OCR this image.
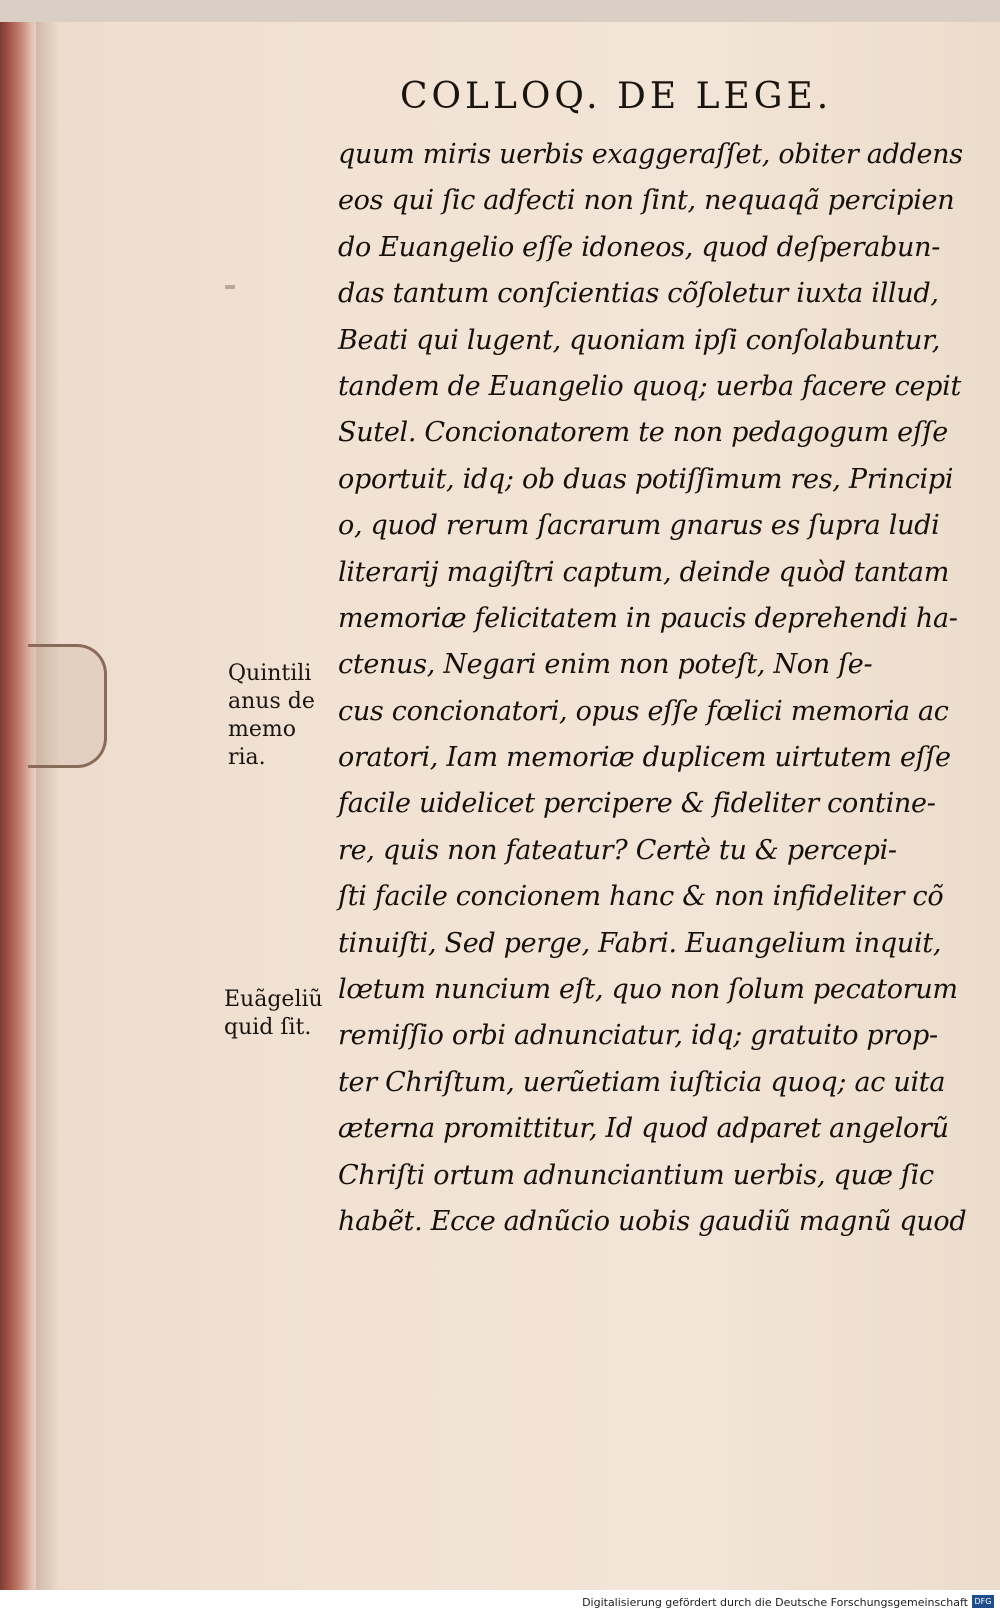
COLLOQ. DE LEGE.
quum miris uerbis exaggeraſſet, obiter addens
eos qui ſic adfecti non ſint, nequaqã percipien
do Euangelio eſſe idoneos, quod deſperabun-
das tantum conſcientias cõſoletur iuxta illud,
Beati qui lugent, quoniam ipſi conſolabuntur,
tandem de Euangelio quoq; uerba facere cepit
Sutel. Concionatorem te non pedagogum eſſe
oportuit, idq; ob duas potiſſimum res, Principi
o, quod rerum ſacrarum gnarus es ſupra ludi
literarij magiſtri captum, deinde quòd tantam
memoriæ felicitatem in paucis deprehendi ha-
ctenus, Negari enim non poteſt, Non ſe-
cus concionatori, opus eſſe fœlici memoria ac
oratori, Iam memoriæ duplicem uirtutem eſſe
facile uidelicet percipere & fideliter contine-
re, quis non fateatur? Certè tu & percepi-
ſti facile concionem hanc & non infideliter cõ
tinuiſti, Sed perge, Fabri. Euangelium inquit,
lœtum nuncium eſt, quo non ſolum pecatorum
remiſſio orbi adnunciatur, idq; gratuito prop-
ter Chriſtum, uerũetiam iuſticia quoq; ac uita
æterna promittitur, Id quod adparet angelorũ
Chriſti ortum adnunciantium uerbis, quæ ſic
habẽt. Ecce adnũcio uobis gaudiũ magnũ quod
Quintili
anus de
memo
ria.
Euãgeliũ
quid ſit.
Digitalisierung gefördert durch die Deutsche Forschungsgemeinschaft DFG
